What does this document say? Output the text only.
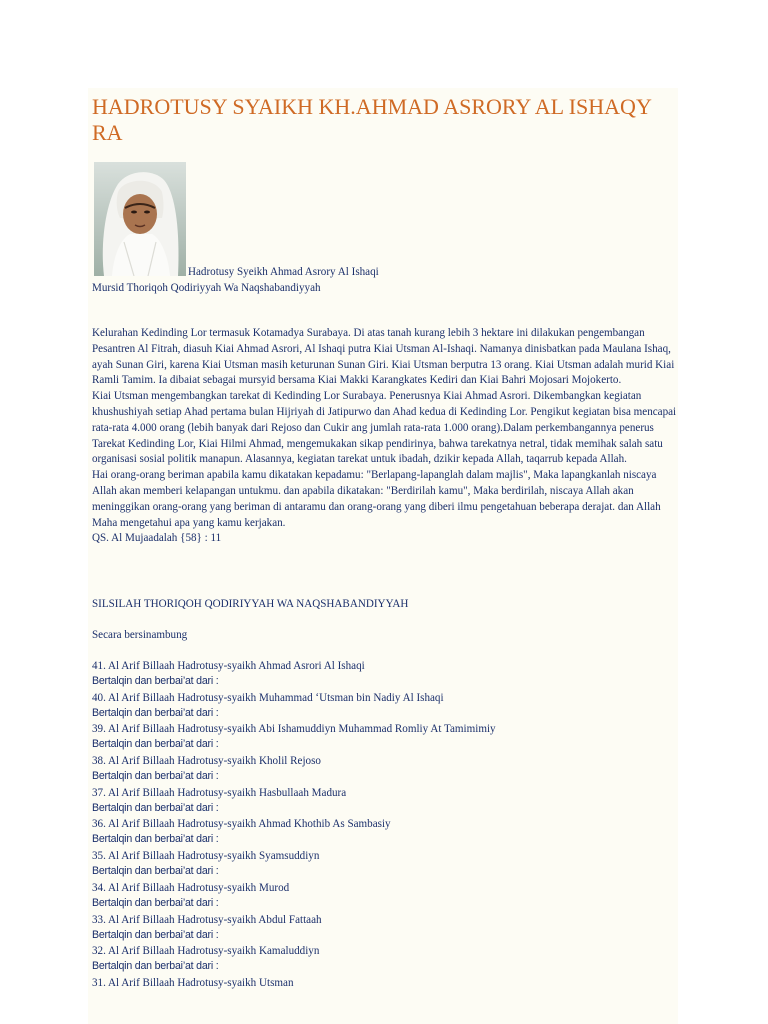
HADROTUSY SYAIKH KH.AHMAD ASRORY AL ISHAQY RA

Hadrotusy Syeikh Ahmad Asrory Al Ishaqi

Mursid Thoriqoh Qodiriyyah Wa Naqshabandiyyah

Kelurahan Kedinding Lor termasuk Kotamadya Surabaya. Di atas tanah kurang lebih 3 hektare ini dilakukan pengembangan Pesantren Al Fitrah, diasuh Kiai Ahmad Asrori, Al Ishaqi putra Kiai Utsman Al-Ishaqi. Namanya dinisbatkan pada Maulana Ishaq, ayah Sunan Giri, karena Kiai Utsman masih keturunan Sunan Giri. Kiai Utsman berputra 13 orang. Kiai Utsman adalah murid Kiai Ramli Tamim. Ia dibaiat sebagai mursyid bersama Kiai Makki Karangkates Kediri dan Kiai Bahri Mojosari Mojokerto.

Kiai Utsman mengembangkan tarekat di Kedinding Lor Surabaya. Penerusnya Kiai Ahmad Asrori. Dikembangkan kegiatan khushushiyah setiap Ahad pertama bulan Hijriyah di Jatipurwo dan Ahad kedua di Kedinding Lor. Pengikut kegiatan bisa mencapai rata-rata 4.000 orang (lebih banyak dari Rejoso dan Cukir ang jumlah rata-rata 1.000 orang).Dalam perkembangannya penerus Tarekat Kedinding Lor, Kiai Hilmi Ahmad, mengemukakan sikap pendirinya, bahwa tarekatnya netral, tidak memihak salah satu organisasi sosial politik manapun. Alasannya, kegiatan tarekat untuk ibadah, dzikir kepada Allah, taqarrub kepada Allah.

Hai orang-orang beriman apabila kamu dikatakan kepadamu: "Berlapang-lapanglah dalam majlis", Maka lapangkanlah niscaya Allah akan memberi kelapangan untukmu. dan apabila dikatakan: "Berdirilah kamu", Maka berdirilah, niscaya Allah akan meninggikan orang-orang yang beriman di antaramu dan orang-orang yang diberi ilmu pengetahuan beberapa derajat. dan Allah Maha mengetahui apa yang kamu kerjakan.

QS. Al Mujaadalah {58} : 11

SILSILAH THORIQOH QODIRIYYAH WA NAQSHABANDIYYAH

Secara bersinambung

41. Al Arif Billaah Hadrotusy-syaikh Ahmad Asrori Al Ishaqi
Bertalqin dan berbai’at dari :
40. Al Arif Billaah Hadrotusy-syaikh Muhammad ‘Utsman bin Nadiy Al Ishaqi
Bertalqin dan berbai’at dari :
39. Al Arif Billaah Hadrotusy-syaikh Abi Ishamuddiyn Muhammad Romliy At Tamimimiy
Bertalqin dan berbai’at dari :
38. Al Arif Billaah Hadrotusy-syaikh Kholil Rejoso
Bertalqin dan berbai’at dari :
37. Al Arif Billaah Hadrotusy-syaikh Hasbullaah Madura
Bertalqin dan berbai’at dari :
36. Al Arif Billaah Hadrotusy-syaikh Ahmad Khothib As Sambasiy
Bertalqin dan berbai’at dari :
35. Al Arif Billaah Hadrotusy-syaikh Syamsuddiyn
Bertalqin dan berbai’at dari :
34. Al Arif Billaah Hadrotusy-syaikh Murod
Bertalqin dan berbai’at dari :
33. Al Arif Billaah Hadrotusy-syaikh Abdul Fattaah
Bertalqin dan berbai’at dari :
32. Al Arif Billaah Hadrotusy-syaikh Kamaluddiyn
Bertalqin dan berbai’at dari :
31. Al Arif Billaah Hadrotusy-syaikh Utsman
